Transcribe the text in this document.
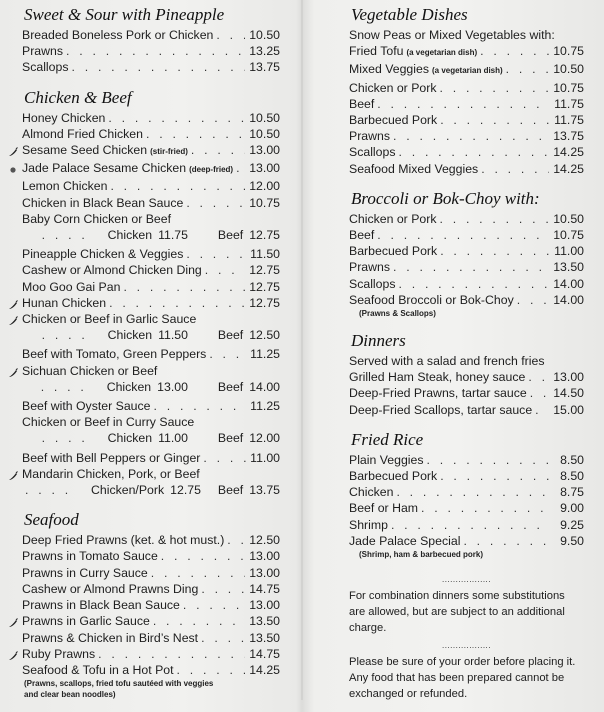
Sweet & Sour with Pineapple
Breaded Boneless Pork or Chicken . . .	10.50
Prawns . . .	13.25
Scallops . . .	13.75
Chicken & Beef
Honey Chicken . . .	10.50
Almond Fried Chicken . . .	10.50
Sesame Seed Chicken (stir-fried) . . .	13.00
Jade Palace Sesame Chicken (deep-fried) . . . 13.00
Lemon Chicken . . .	12.00
Chicken in Black Bean Sauce . . .	10.75
Baby Corn Chicken or Beef
. . .
Chicken 11.75 Beef 12.75
Pineapple Chicken & Veggies . . .	11.50
Cashew or Almond Chicken Ding . . .	12.75
Moo Goo Gai Pan . . .	12.75
Hunan Chicken . . .	12.75
Chicken or Beef in Garlic Sauce
. . .
Chicken 11.50 Beef 12.50
Beef with Tomato, Green Peppers . . .	11.25
Sichuan Chicken or Beef
. . .
Chicken 13.00 Beef 14.00
Beef with Oyster Sauce . . .	11.25
Chicken or Beef in Curry Sauce
. . .
Chicken 11.00 Beef 12.00
Beef with Bell Peppers or Ginger . . .	11.00
Mandarin Chicken, Pork, or Beef
. . .
Chicken/Pork 12.75 Beef 13.75
Seafood
Deep Fried Prawns (ket. & hot must.) . . . 12.50
Prawns in Tomato Sauce . . .	13.00
Prawns in Curry Sauce . . .	13.00
Cashew or Almond Prawns Ding . . .	14.75
Prawns in Black Bean Sauce . . .	13.00
Prawns in Garlic Sauce . . .	13.50
Prawns & Chicken in Bird’s Nest . . .	13.50
Ruby Prawns . . .	14.75
Seafood & Tofu in a Hot Pot . . .	14.25
(Prawns, scallops, fried tofu sautéed with veggies and clear bean noodles)
Vegetable Dishes
Snow Peas or Mixed Vegetables with:
Fried Tofu (a vegetarian dish) . . .	10.75
Mixed Veggies (a vegetarian dish) . . .	10.50
Chicken or Pork . . .	10.75
Beef . . .	11.75
Barbecued Pork . . .	11.75
Prawns . . .	13.75
Scallops . . .	14.25
Seafood Mixed Veggies . . .	14.25
Broccoli or Bok-Choy with:
Chicken or Pork . . .	10.50
Beef . . .	10.75
Barbecued Pork . . .	11.00
Prawns . . .	13.50
Scallops . . .	14.00
Seafood Broccoli or Bok-Choy . . .	14.00
(Prawns & Scallops)
Dinners
Served with a salad and french fries
Grilled Ham Steak, honey sauce . . . 13.00
Deep-Fried Prawns, tartar sauce . . . 14.50
Deep-Fried Scallops, tartar sauce . . . 15.00
Fried Rice
Plain Veggies . . .	8.50
Barbecued Pork . . .	8.50
Chicken . . .	8.75
Beef or Ham . . .	9.00
Shrimp . . .	9.25
Jade Palace Special . . .	9.50
(Shrimp, ham & barbecued pork)
..................
For combination dinners some substitutions are allowed, but are subject to an additional charge.
..................
Please be sure of your order before placing it. Any food that has been prepared cannot be exchanged or refunded.
